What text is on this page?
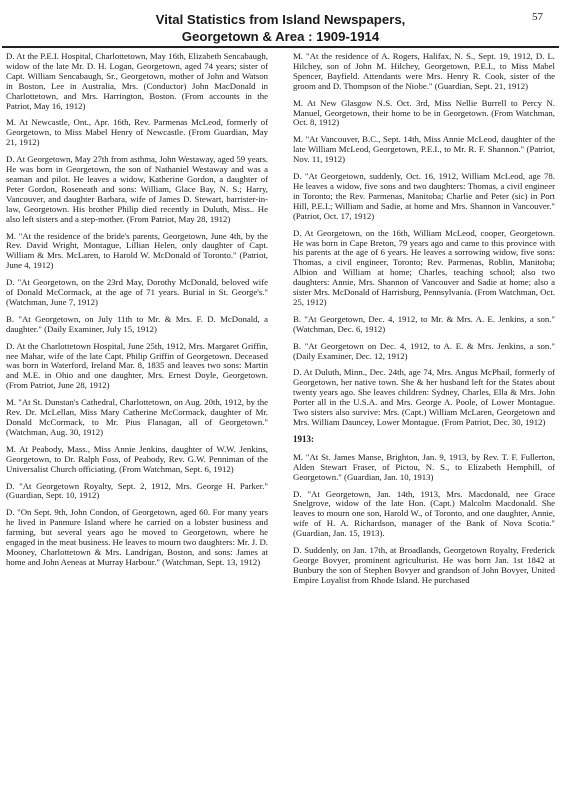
57
Vital Statistics from Island Newspapers,
Georgetown & Area : 1909-1914
D. At the P.E.I. Hospital, Charlottetown, May 16th, Elizabeth Sencabaugh, widow of the late Mr. D. H. Logan, Georgetown, aged 74 years; sister of Capt. William Sencabaugh, Sr., Georgetown, mother of John and Watson in Boston, Lee in Australia, Mrs. (Conductor) John MacDonald in Charlottetown, and Mrs. Harrington, Boston. (From accounts in the Patriot, May 16, 1912)
M. At Newcastle, Ont., Apr. 16th, Rev. Parmenas McLeod, formerly of Georgetown, to Miss Mabel Henry of Newcastle. (From Guardian, May 21, 1912)
D. At Georgetown, May 27th from asthma, John Westaway, aged 59 years. He was born in Georgetown, the son of Nathaniel Westaway and was a seaman and pilot. He leaves a widow, Katherine Gordon, a daughter of Peter Gordon, Roseneath and sons: William, Glace Bay, N. S.; Harry, Vancouver, and daughter Barbara, wife of James D. Stewart, barrister-in-law, Georgetown. His brother Philip died recently in Duluth, Miss.. He also left sisters and a step-mother. (From Patriot, May 28, 1912)
M. "At the residence of the bride's parents, Georgetown, June 4th, by the Rev. David Wright, Montague, Lillian Helen, only daughter of Capt. William & Mrs. McLaren, to Harold W. McDonald of Toronto." (Patriot, June 4, 1912)
D. "At Georgetown, on the 23rd May, Dorothy McDonald, beloved wife of Donald McCormack, at the age of 71 years. Burial in St. George's." (Watchman, June 7, 1912)
B. "At Georgetown, on July 11th to Mr. & Mrs. F. D. McDonald, a daughter." (Daily Examiner, July 15, 1912)
D. At the Charlottetown Hospital, June 25th, 1912, Mrs. Margaret Griffin, nee Mahar, wife of the late Capt. Philip Griffin of Georgetown. Deceased was born in Waterford, Ireland Mar. 8, 1835 and leaves two sons: Martin and M.E. in Ohio and one daughter, Mrs. Ernest Doyle, Georgetown. (From Patriot, June 28, 1912)
M. "At St. Dunstan's Cathedral, Charlottetown, on Aug. 20th, 1912, by the Rev. Dr. McLellan, Miss Mary Catherine McCormack, daughter of Mr. Donald McCormack, to Mr. Pius Flanagan, all of Georgetown." (Watchman, Aug. 30, 1912)
M. At Peabody, Mass., Miss Annie Jenkins, daughter of W.W. Jenkins, Georgetown, to Dr. Ralph Foss, of Peabody, Rev. G.W. Penniman of the Universalist Church officiating. (From Watchman, Sept. 6, 1912)
D. "At Georgetown Royalty, Sept. 2, 1912, Mrs. George H. Parker." (Guardian, Sept. 10, 1912)
D. "On Sept. 9th, John Condon, of Georgetown, aged 60. For many years he lived in Panmure Island where he carried on a lobster business and farming, but several years ago he moved to Georgetown, where he engaged in the meat business. He leaves to mourn two daughters: Mr. J. D. Mooney, Charlottetown & Mrs. Landrigan, Boston, and sons: James at home and John Aeneas at Murray Harbour." (Watchman, Sept. 13, 1912)
M. "At the residence of A. Rogers, Halifax, N. S., Sept. 19, 1912, D. L. Hilchey, son of John M. Hilchey, Georgetown, P.E.I., to Miss Mabel Spencer, Bayfield. Attendants were Mrs. Henry R. Cook, sister of the groom and D. Thompson of the Niobe." (Guardian, Sept. 21, 1912)
M. At New Glasgow N.S. Oct. 3rd, Miss Nellie Burrell to Percy N. Manuel, Georgetown, their home to be in Georgetown. (From Watchman, Oct. 8, 1912)
M. "At Vancouver, B.C., Sept. 14th, Miss Annie McLeod, daughter of the late William McLeod, Georgetown, P.E.I., to Mr. R. F. Shannon." (Patriot, Nov. 11, 1912)
D. "At Georgetown, suddenly, Oct. 16, 1912, William McLeod, age 78. He leaves a widow, five sons and two daughters: Thomas, a civil engineer in Toronto; the Rev. Parmenas, Manitoba; Charlie and Peter (sic) in Port Hill, P.E.I.; William and Sadie, at home and Mrs. Shannon in Vancouver." (Patriot, Oct. 17, 1912)
D. At Georgetown, on the 16th, William McLeod, cooper, Georgetown. He was born in Cape Breton, 79 years ago and came to this province with his parents at the age of 6 years. He leaves a sorrowing widow, five sons: Thomas, a civil engineer, Toronto; Rev. Parmenas, Roblin, Manitoba; Albion and William at home; Charles, teaching school; also two daughters: Annie, Mrs. Shannon of Vancouver and Sadie at home; also a sister Mrs. McDonald of Harrisburg, Pennsylvania. (From Watchman, Oct. 25, 1912)
B. "At Georgetown, Dec. 4, 1912, to Mr. & Mrs. A. E. Jenkins, a son." (Watchman, Dec. 6, 1912)
B. "At Georgetown on Dec. 4, 1912, to A. E. & Mrs. Jenkins, a son." (Daily Examiner, Dec. 12, 1912)
D. At Duluth, Minn., Dec. 24th, age 74, Mrs. Angus McPhail, formerly of Georgetown, her native town. She & her husband left for the States about twenty years ago. She leaves children: Sydney, Charles, Ella & Mrs. John Porter all in the U.S.A. and Mrs. George A. Poole, of Lower Montague. Two sisters also survive: Mrs. (Capt.) William McLaren, Georgetown and Mrs. William Dauncey, Lower Montague. (From Patriot, Dec. 30, 1912)
1913:
M. "At St. James Manse, Brighton, Jan. 9, 1913, by Rev. T. F. Fullerton, Alden Stewart Fraser, of Pictou, N. S., to Elizabeth Hemphill, of Georgetown." (Guardian, Jan. 10, 1913)
D. "At Georgetown, Jan. 14th, 1913, Mrs. Macdonald, nee Grace Snelgrove, widow of the late Hon. (Capt.) Malcolm Macdonald. She leaves to mourn one son, Harold W., of Toronto, and one daughter, Annie, wife of H. A. Richardson, manager of the Bank of Nova Scotia." (Guardian, Jan. 15, 1913).
D. Suddenly, on Jan. 17th, at Broadlands, Georgetown Royalty, Frederick George Bovyer, prominent agriculturist. He was born Jan. 1st 1842 at Bunbury the son of Stephen Bovyer and grandson of John Bovyer, United Empire Loyalist from Rhode Island. He purchased
